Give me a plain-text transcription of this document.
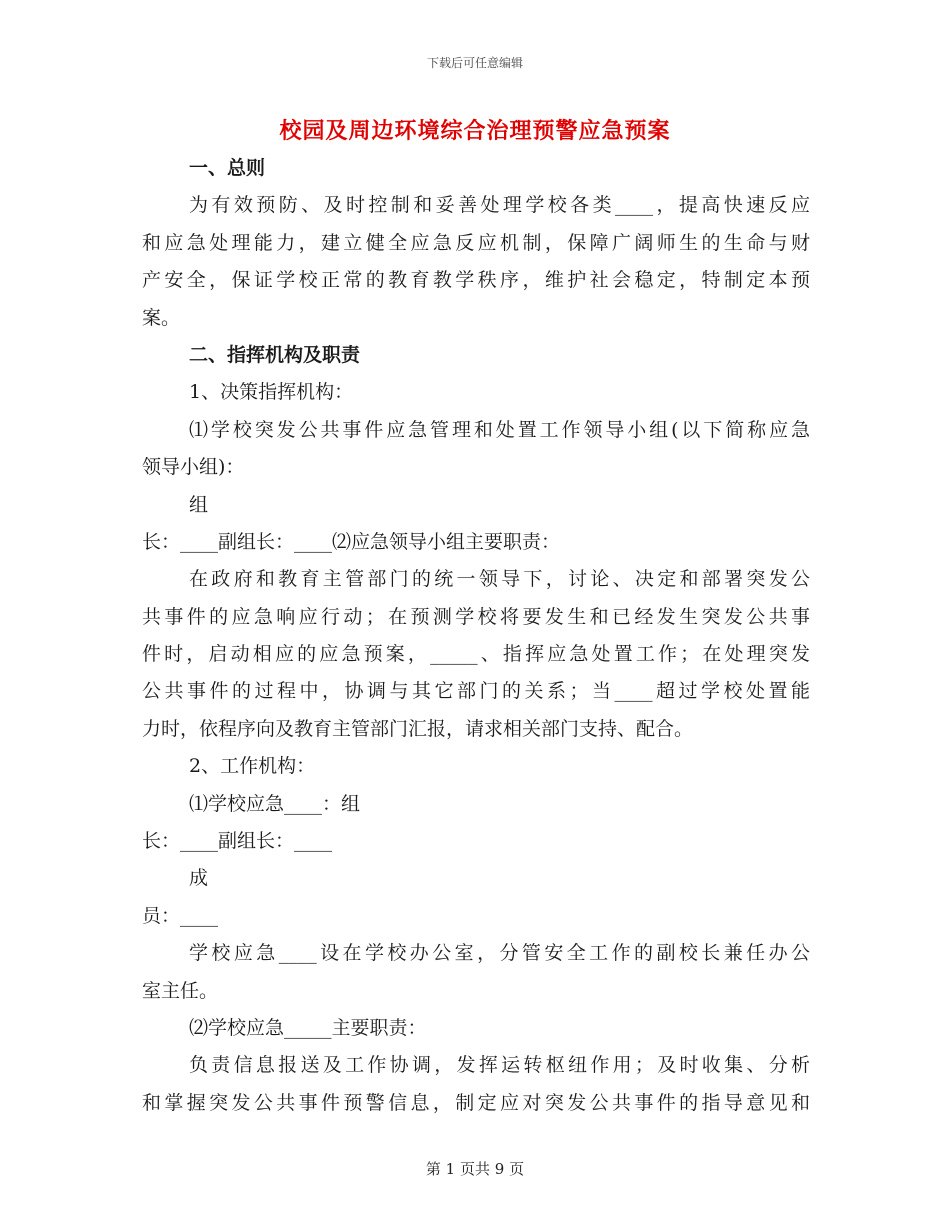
下载后可任意编辑
校园及周边环境综合治理预警应急预案
一、总则
为有效预防、及时控制和妥善处理学校各类____，提高快速反应
和应急处理能力，建立健全应急反应机制，保障广阔师生的生命与财
产安全，保证学校正常的教育教学秩序，维护社会稳定，特制定本预
案。
二、指挥机构及职责
1、决策指挥机构：
⑴学校突发公共事件应急管理和处置工作领导小组(以下简称应急
领导小组)：
组
长：____副组长：____⑵应急领导小组主要职责：
在政府和教育主管部门的统一领导下，讨论、决定和部署突发公
共事件的应急响应行动；在预测学校将要发生和已经发生突发公共事
件时，启动相应的应急预案，_____、指挥应急处置工作；在处理突发
公共事件的过程中，协调与其它部门的关系；当____超过学校处置能
力时，依程序向及教育主管部门汇报，请求相关部门支持、配合。
2、工作机构：
⑴学校应急____：组
长：____副组长：____
成
员：____
学校应急____设在学校办公室，分管安全工作的副校长兼任办公
室主任。
⑵学校应急_____主要职责：
负责信息报送及工作协调，发挥运转枢纽作用；及时收集、分析
和掌握突发公共事件预警信息，制定应对突发公共事件的指导意见和
第 1 页共 9 页
